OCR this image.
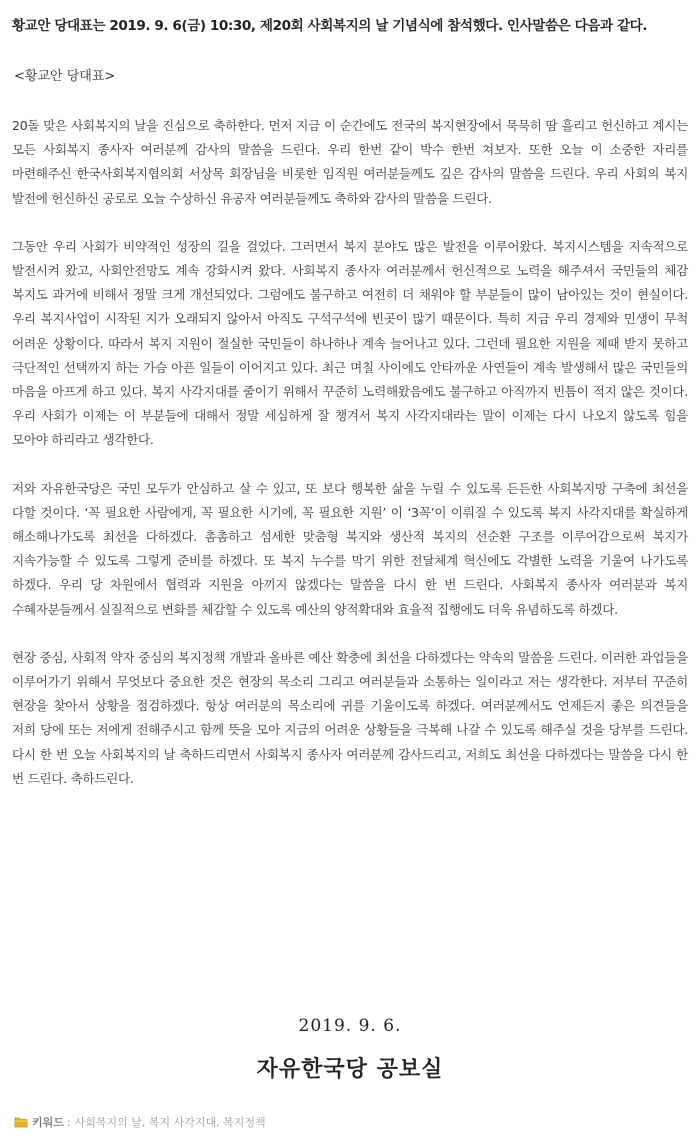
황교안 당대표는 2019. 9. 6(금) 10:30, 제20회 사회복지의 날 기념식에 참석했다. 인사말씀은 다음과 같다.
<황교안 당대표>

20돌 맞은 사회복지의 날을 진심으로 축하한다. 먼저 지금 이 순간에도 전국의 복지현장에서 묵묵히 땀 흘리고 헌신하고 계시는 모든 사회복지 종사자 여러분께 감사의 말씀을 드린다. 우리 한번 같이 박수 한번 쳐보자. 또한 오늘 이 소중한 자리를 마련해주신 한국사회복지협의회 서상목 회장님을 비롯한 임직원 여러분들께도 깊은 감사의 말씀을 드린다. 우리 사회의 복지 발전에 헌신하신 공로로 오늘 수상하신 유공자 여러분들께도 축하와 감사의 말씀을 드린다.

그동안 우리 사회가 비약적인 성장의 길을 걸었다. 그러면서 복지 분야도 많은 발전을 이루어왔다. 복지시스템을 지속적으로 발전시켜 왔고, 사회안전망도 계속 강화시켜 왔다. 사회복지 종사자 여러분께서 헌신적으로 노력을 해주셔서 국민들의 체감 복지도 과거에 비해서 정말 크게 개선되었다. 그럼에도 불구하고 여전히 더 채워야 할 부분들이 많이 남아있는 것이 현실이다. 우리 복지사업이 시작된 지가 오래되지 않아서 아직도 구석구석에 빈곳이 많기 때문이다. 특히 지금 우리 경제와 민생이 무척 어려운 상황이다. 따라서 복지 지원이 절실한 국민들이 하나하나 계속 늘어나고 있다. 그런데 필요한 지원을 제때 받지 못하고 극단적인 선택까지 하는 가슴 아픈 일들이 이어지고 있다. 최근 며칠 사이에도 안타까운 사연들이 계속 발생해서 많은 국민들의 마음을 아프게 하고 있다. 복지 사각지대를 줄이기 위해서 꾸준히 노력해왔음에도 불구하고 아직까지 빈틈이 적지 않은 것이다. 우리 사회가 이제는 이 부분들에 대해서 정말 세심하게 잘 챙겨서 복지 사각지대라는 말이 이제는 다시 나오지 않도록 힘을 모아야 하리라고 생각한다.

저와 자유한국당은 국민 모두가 안심하고 살 수 있고, 또 보다 행복한 삶을 누릴 수 있도록 든든한 사회복지망 구축에 최선을 다할 것이다. ‘꼭 필요한 사람에게, 꼭 필요한 시기에, 꼭 필요한 지원’ 이 ‘3꼭’이 이뤄질 수 있도록 복지 사각지대를 확실하게 해소해나가도록 최선을 다하겠다. 촘촘하고 섬세한 맞춤형 복지와 생산적 복지의 선순환 구조를 이루어감으로써 복지가 지속가능할 수 있도록 그렇게 준비를 하겠다. 또 복지 누수를 막기 위한 전달체계 혁신에도 각별한 노력을 기울여 나가도록 하겠다. 우리 당 차원에서 협력과 지원을 아끼지 않겠다는 말씀을 다시 한 번 드린다. 사회복지 종사자 여러분과 복지 수혜자분들께서 실질적으로 변화를 체감할 수 있도록 예산의 양적확대와 효율적 집행에도 더욱 유념하도록 하겠다.

현장 중심, 사회적 약자 중심의 복지정책 개발과 올바른 예산 확충에 최선을 다하겠다는 약속의 말씀을 드린다. 이러한 과업들을 이루어가기 위해서 무엇보다 중요한 것은 현장의 목소리 그리고 여러분들과 소통하는 일이라고 저는 생각한다. 저부터 꾸준히 현장을 찾아서 상황을 점검하겠다. 항상 여러분의 목소리에 귀를 기울이도록 하겠다. 여러분께서도 언제든지 좋은 의견들을 저희 당에 또는 저에게 전해주시고 함께 뜻을 모아 지금의 어려운 상황들을 극복해 나갈 수 있도록 해주실 것을 당부를 드린다. 다시 한 번 오늘 사회복지의 날 축하드리면서 사회복지 종사자 여러분께 감사드리고, 저희도 최선을 다하겠다는 말씀을 다시 한 번 드린다. 축하드린다.

2019. 9. 6.
자유한국당 공보실
키워드 : 사회복지의 날, 복지 사각지대, 복지정책
